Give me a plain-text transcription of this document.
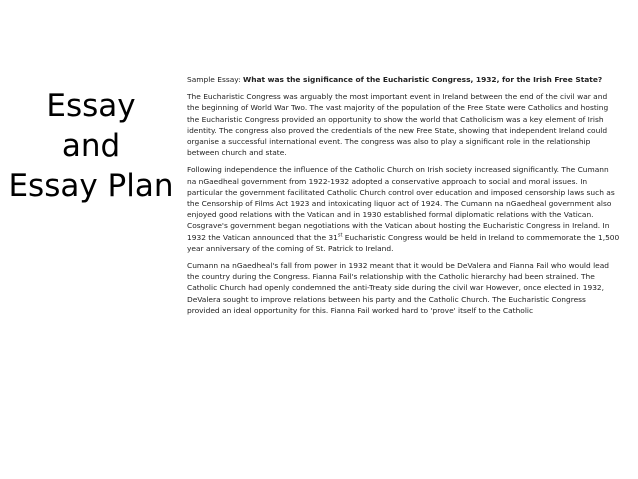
Essay
and
Essay Plan

Sample Essay: What was the significance of the Eucharistic Congress, 1932, for the Irish Free State?

The Eucharistic Congress was arguably the most important event in Ireland between the end of the civil war and the beginning of World War Two. The vast majority of the population of the Free State were Catholics and hosting the Eucharistic Congress provided an opportunity to show the world that Catholicism was a key element of Irish identity. The congress also proved the credentials of the new Free State, showing that independent Ireland could organise a successful international event. The congress was also to play a significant role in the relationship between church and state.

Following independence the influence of the Catholic Church on Irish society increased significantly. The Cumann na nGaedheal government from 1922-1932 adopted a conservative approach to social and moral issues. In particular the government facilitated Catholic Church control over education and imposed censorship laws such as the Censorship of Films Act 1923 and intoxicating liquor act of 1924. The Cumann na nGaedheal government also enjoyed good relations with the Vatican and in 1930 established formal diplomatic relations with the Vatican. Cosgrave's government began negotiations with the Vatican about hosting the Eucharistic Congress in Ireland. In 1932 the Vatican announced that the 31st Eucharistic Congress would be held in Ireland to commemorate the 1,500 year anniversary of the coming of St. Patrick to Ireland.

Cumann na nGaedheal's fall from power in 1932 meant that it would be DeValera and Fianna Fail who would lead the country during the Congress. Fianna Fail's relationship with the Catholic hierarchy had been strained. The Catholic Church had openly condemned the anti-Treaty side during the civil war However, once elected in 1932, DeValera sought to improve relations between his party and the Catholic Church. The Eucharistic Congress provided an ideal opportunity for this. Fianna Fail worked hard to 'prove' itself to the Catholic
